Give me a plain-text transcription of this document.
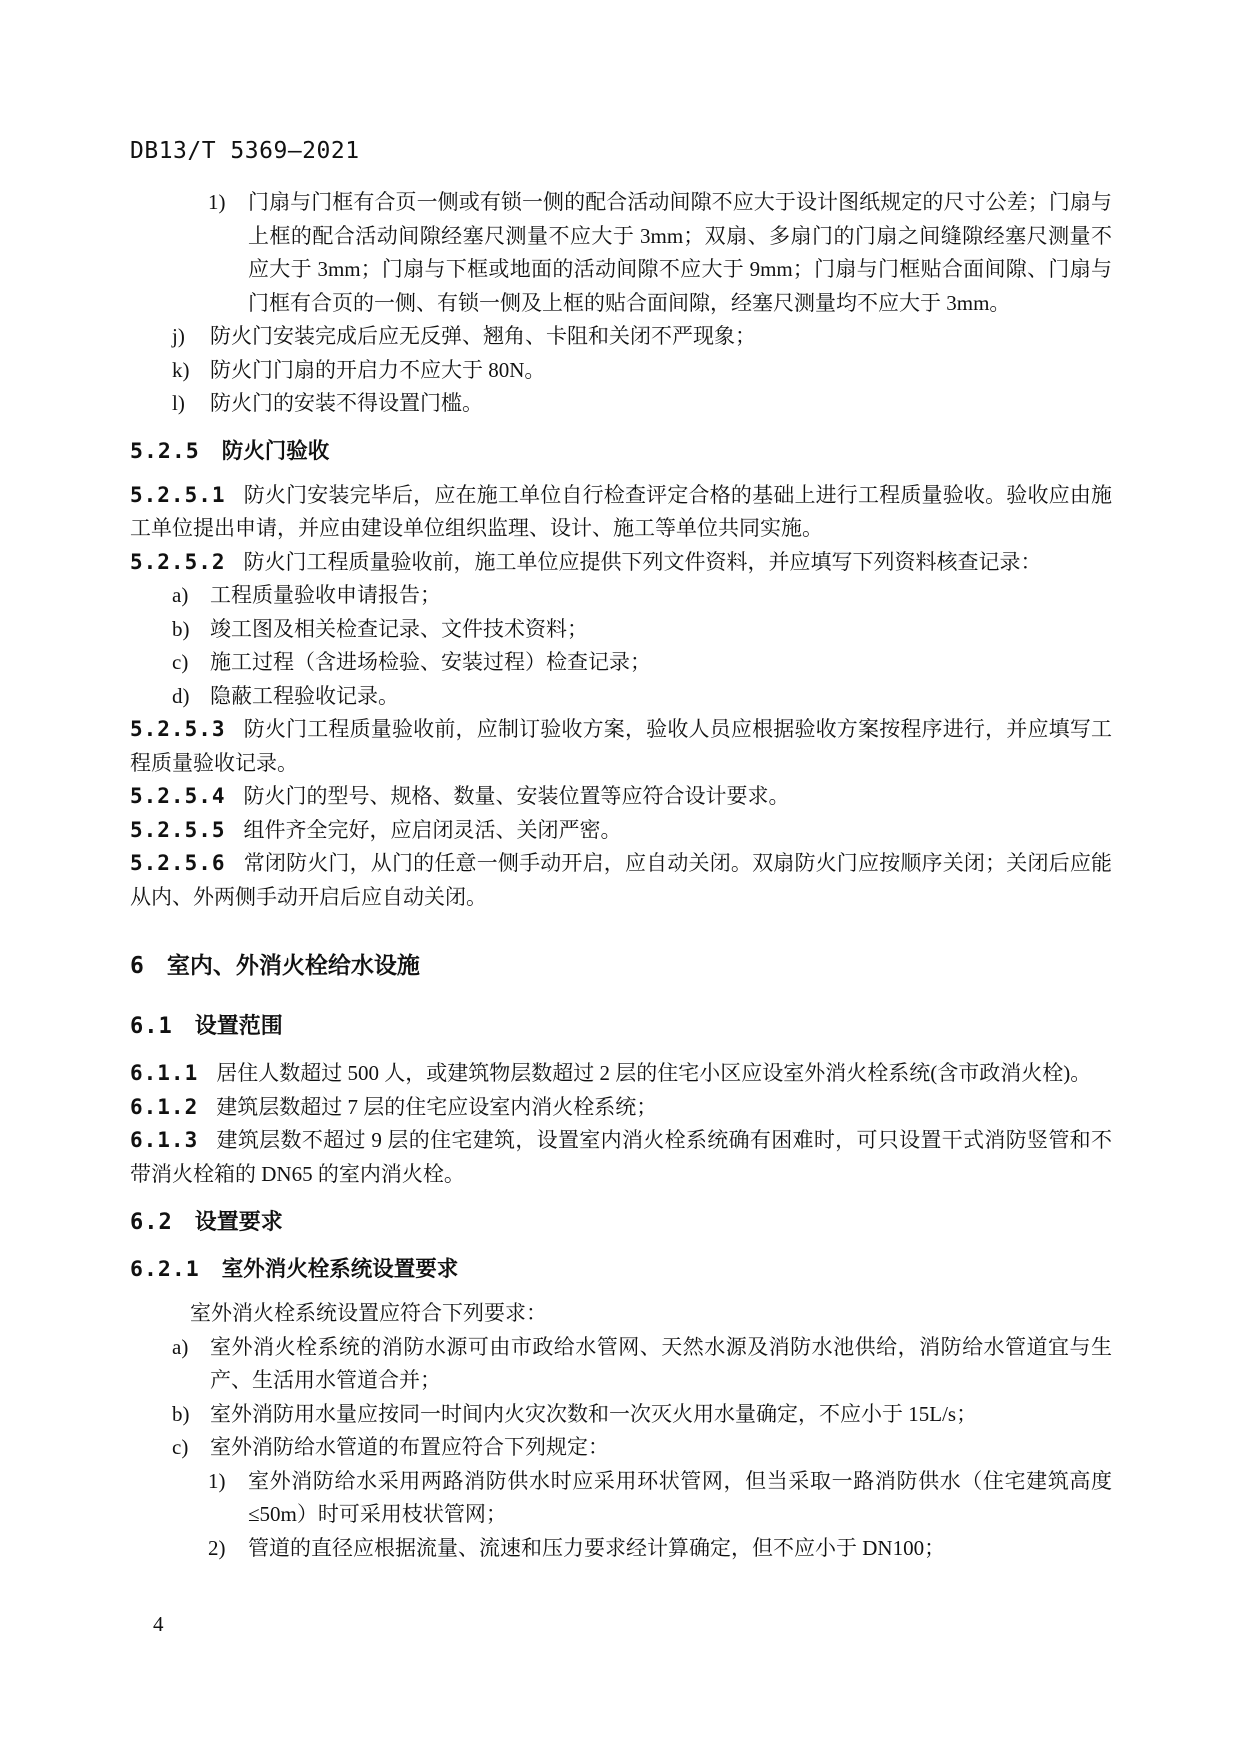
DB13/T 5369—2021

1) 门扇与门框有合页一侧或有锁一侧的配合活动间隙不应大于设计图纸规定的尺寸公差；门扇与上框的配合活动间隙经塞尺测量不应大于 3mm；双扇、多扇门的门扇之间缝隙经塞尺测量不应大于 3mm；门扇与下框或地面的活动间隙不应大于 9mm；门扇与门框贴合面间隙、门扇与门框有合页的一侧、有锁一侧及上框的贴合面间隙，经塞尺测量均不应大于 3mm。

j) 防火门安装完成后应无反弹、翘角、卡阻和关闭不严现象；

k) 防火门门扇的开启力不应大于 80N。

l) 防火门的安装不得设置门槛。

5.2.5 防火门验收

5.2.5.1 防火门安装完毕后，应在施工单位自行检查评定合格的基础上进行工程质量验收。验收应由施工单位提出申请，并应由建设单位组织监理、设计、施工等单位共同实施。

5.2.5.2 防火门工程质量验收前，施工单位应提供下列文件资料，并应填写下列资料核查记录：

a) 工程质量验收申请报告；

b) 竣工图及相关检查记录、文件技术资料；

c) 施工过程（含进场检验、安装过程）检查记录；

d) 隐蔽工程验收记录。

5.2.5.3 防火门工程质量验收前，应制订验收方案，验收人员应根据验收方案按程序进行，并应填写工程质量验收记录。

5.2.5.4 防火门的型号、规格、数量、安装位置等应符合设计要求。

5.2.5.5 组件齐全完好，应启闭灵活、关闭严密。

5.2.5.6 常闭防火门，从门的任意一侧手动开启，应自动关闭。双扇防火门应按顺序关闭；关闭后应能从内、外两侧手动开启后应自动关闭。

6 室内、外消火栓给水设施
6.1 设置范围

6.1.1 居住人数超过 500 人，或建筑物层数超过 2 层的住宅小区应设室外消火栓系统(含市政消火栓)。

6.1.2 建筑层数超过 7 层的住宅应设室内消火栓系统；

6.1.3 建筑层数不超过 9 层的住宅建筑，设置室内消火栓系统确有困难时，可只设置干式消防竖管和不带消火栓箱的 DN65 的室内消火栓。

6.2 设置要求
6.2.1 室外消火栓系统设置要求

室外消火栓系统设置应符合下列要求：

a) 室外消火栓系统的消防水源可由市政给水管网、天然水源及消防水池供给，消防给水管道宜与生产、生活用水管道合并；

b) 室外消防用水量应按同一时间内火灾次数和一次灭火用水量确定，不应小于 15L/s；

c) 室外消防给水管道的布置应符合下列规定：

1) 室外消防给水采用两路消防供水时应采用环状管网，但当采取一路消防供水（住宅建筑高度≤50m）时可采用枝状管网；

2) 管道的直径应根据流量、流速和压力要求经计算确定，但不应小于 DN100；

4
